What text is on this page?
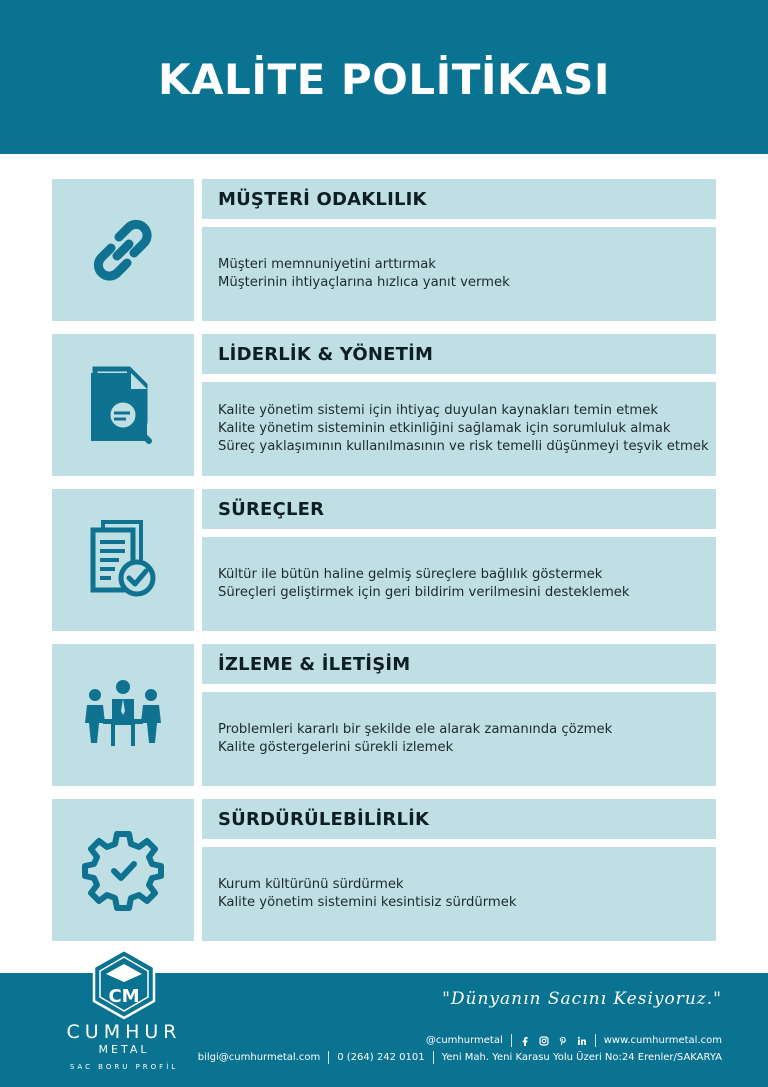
KALİTE POLİTİKASI
MÜŞTERİ ODAKLILIK
Müşteri memnuniyetini arttırmak
Müşterinin ihtiyaçlarına hızlıca yanıt vermek
LİDERLİK & YÖNETİM
Kalite yönetim sistemi için ihtiyaç duyulan kaynakları temin etmek
Kalite yönetim sisteminin etkinliğini sağlamak için sorumluluk almak
Süreç yaklaşımının kullanılmasının ve risk temelli düşünmeyi teşvik etmek
SÜREÇLER
Kültür ile bütün haline gelmiş süreçlere bağlılık göstermek
Süreçleri geliştirmek için geri bildirim verilmesini desteklemek
İZLEME & İLETİŞİM
Problemleri kararlı bir şekilde ele alarak zamanında çözmek
Kalite göstergelerini sürekli izlemek
SÜRDÜRÜLEBİLİRLİK
Kurum kültürünü sürdürmek
Kalite yönetim sistemini kesintisiz sürdürmek
CM
CUMHUR
METAL
SAC BORU PROFİL
"Dünyanın Sacını Kesiyoruz."
@cumhurmetal	www.cumhurmetal.com
bilgi@cumhurmetal.com 0 (264) 242 0101 Yeni Mah. Yeni Karasu Yolu Üzeri No:24 Erenler/SAKARYA
